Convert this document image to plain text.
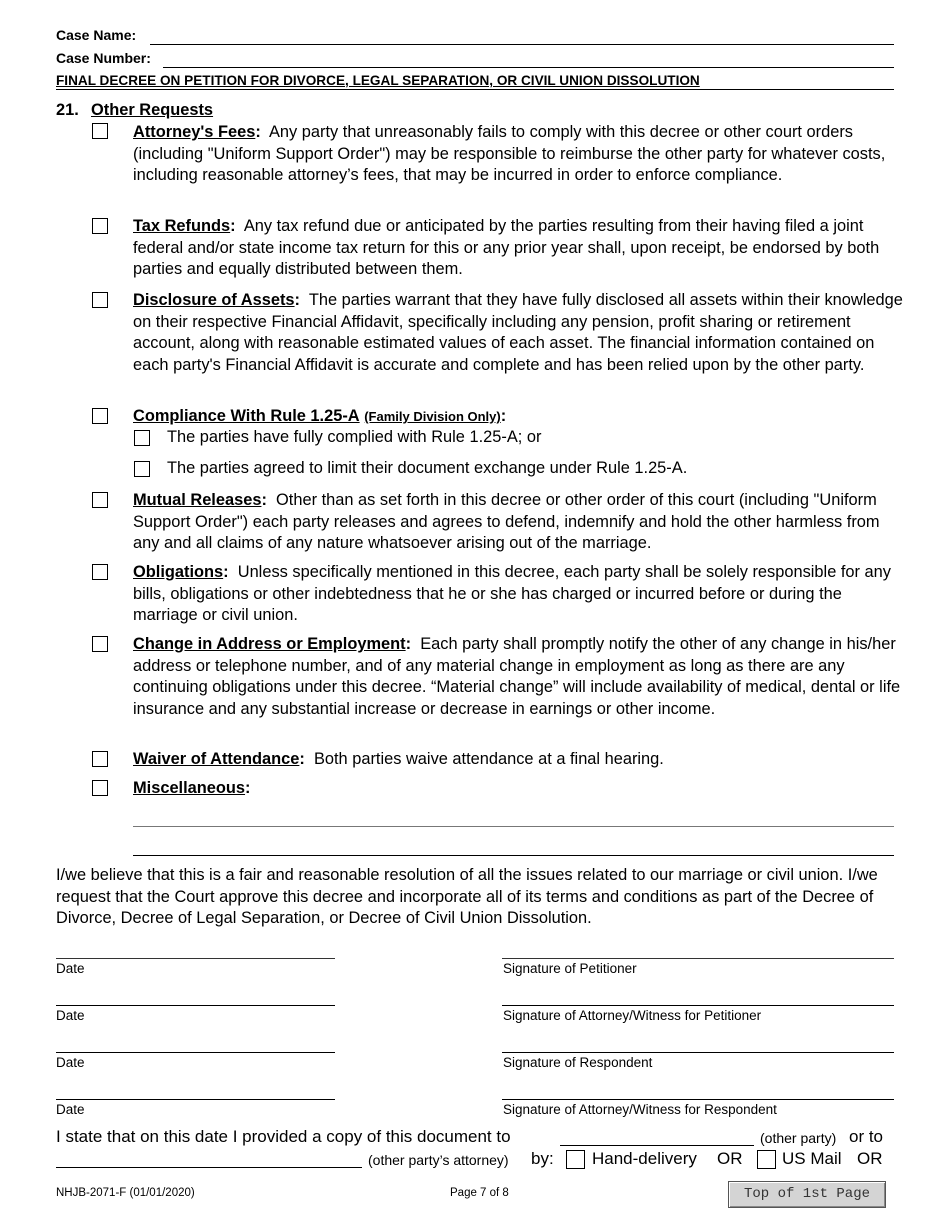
Case Name:
Case Number:
FINAL DECREE ON PETITION FOR DIVORCE, LEGAL SEPARATION, OR CIVIL UNION DISSOLUTION
21. Other Requests
Attorney's Fees: Any party that unreasonably fails to comply with this decree or other court orders (including "Uniform Support Order") may be responsible to reimburse the other party for whatever costs, including reasonable attorney’s fees, that may be incurred in order to enforce compliance.
Tax Refunds: Any tax refund due or anticipated by the parties resulting from their having filed a joint federal and/or state income tax return for this or any prior year shall, upon receipt, be endorsed by both parties and equally distributed between them.
Disclosure of Assets: The parties warrant that they have fully disclosed all assets within their knowledge on their respective Financial Affidavit, specifically including any pension, profit sharing or retirement account, along with reasonable estimated values of each asset. The financial information contained on each party's Financial Affidavit is accurate and complete and has been relied upon by the other party.
Compliance With Rule 1.25-A (Family Division Only):
The parties have fully complied with Rule 1.25-A; or
The parties agreed to limit their document exchange under Rule 1.25-A.
Mutual Releases: Other than as set forth in this decree or other order of this court (including "Uniform Support Order") each party releases and agrees to defend, indemnify and hold the other harmless from any and all claims of any nature whatsoever arising out of the marriage.
Obligations: Unless specifically mentioned in this decree, each party shall be solely responsible for any bills, obligations or other indebtedness that he or she has charged or incurred before or during the marriage or civil union.
Change in Address or Employment: Each party shall promptly notify the other of any change in his/her address or telephone number, and of any material change in employment as long as there are any continuing obligations under this decree. “Material change” will include availability of medical, dental or life insurance and any substantial increase or decrease in earnings or other income.
Waiver of Attendance: Both parties waive attendance at a final hearing.
Miscellaneous:
I/we believe that this is a fair and reasonable resolution of all the issues related to our marriage or civil union. I/we request that the Court approve this decree and incorporate all of its terms and conditions as part of the Decree of Divorce, Decree of Legal Separation, or Decree of Civil Union Dissolution.
Date	Signature of Petitioner
Date	Signature of Attorney/Witness for Petitioner
Date	Signature of Respondent
Date	Signature of Attorney/Witness for Respondent
I state that on this date I provided a copy of this document to	(other party) or to
(other party’s attorney) by: Hand-delivery OR US Mail OR
NHJB-2071-F (01/01/2020)	Page 7 of 8	Top of 1st Page
